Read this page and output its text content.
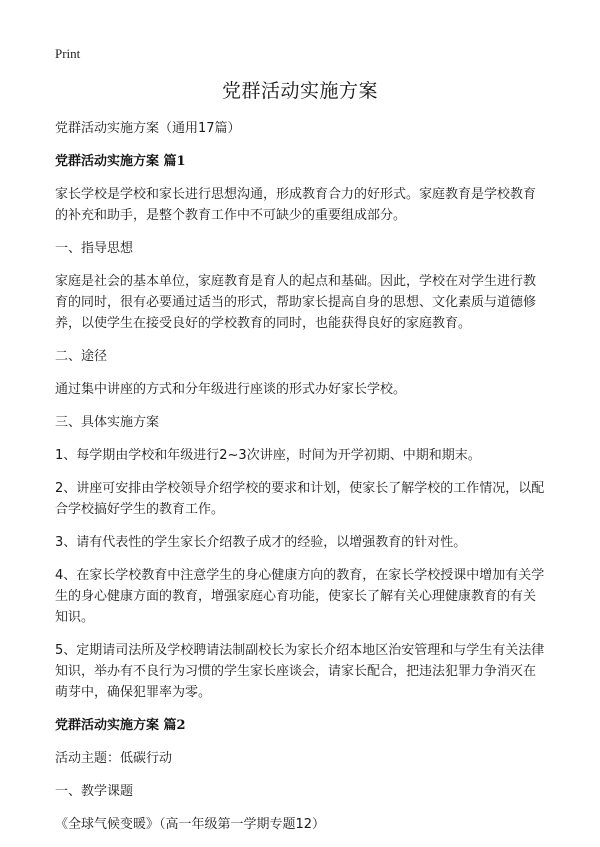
Print
党群活动实施方案

党群活动实施方案（通用17篇）

党群活动实施方案 篇1

家长学校是学校和家长进行思想沟通，形成教育合力的好形式。家庭教育是学校教育的补充和助手，是整个教育工作中不可缺少的重要组成部分。

一、指导思想

家庭是社会的基本单位，家庭教育是育人的起点和基础。因此，学校在对学生进行教育的同时，很有必要通过适当的形式，帮助家长提高自身的思想、文化素质与道德修养，以使学生在接受良好的学校教育的同时，也能获得良好的家庭教育。

二、途径

通过集中讲座的方式和分年级进行座谈的形式办好家长学校。

三、具体实施方案

1、每学期由学校和年级进行2~3次讲座，时间为开学初期、中期和期末。

2、讲座可安排由学校领导介绍学校的要求和计划，使家长了解学校的工作情况，以配合学校搞好学生的教育工作。

3、请有代表性的学生家长介绍教子成才的经验，以增强教育的针对性。

4、在家长学校教育中注意学生的身心健康方向的教育，在家长学校授课中增加有关学生的身心健康方面的教育，增强家庭心育功能，使家长了解有关心理健康教育的有关知识。

5、定期请司法所及学校聘请法制副校长为家长介绍本地区治安管理和与学生有关法律知识，举办有不良行为习惯的学生家长座谈会，请家长配合，把违法犯罪力争消灭在萌芽中，确保犯罪率为零。

党群活动实施方案 篇2

活动主题：低碳行动

一、教学课题

《全球气候变暖》（高一年级第一学期专题12）
